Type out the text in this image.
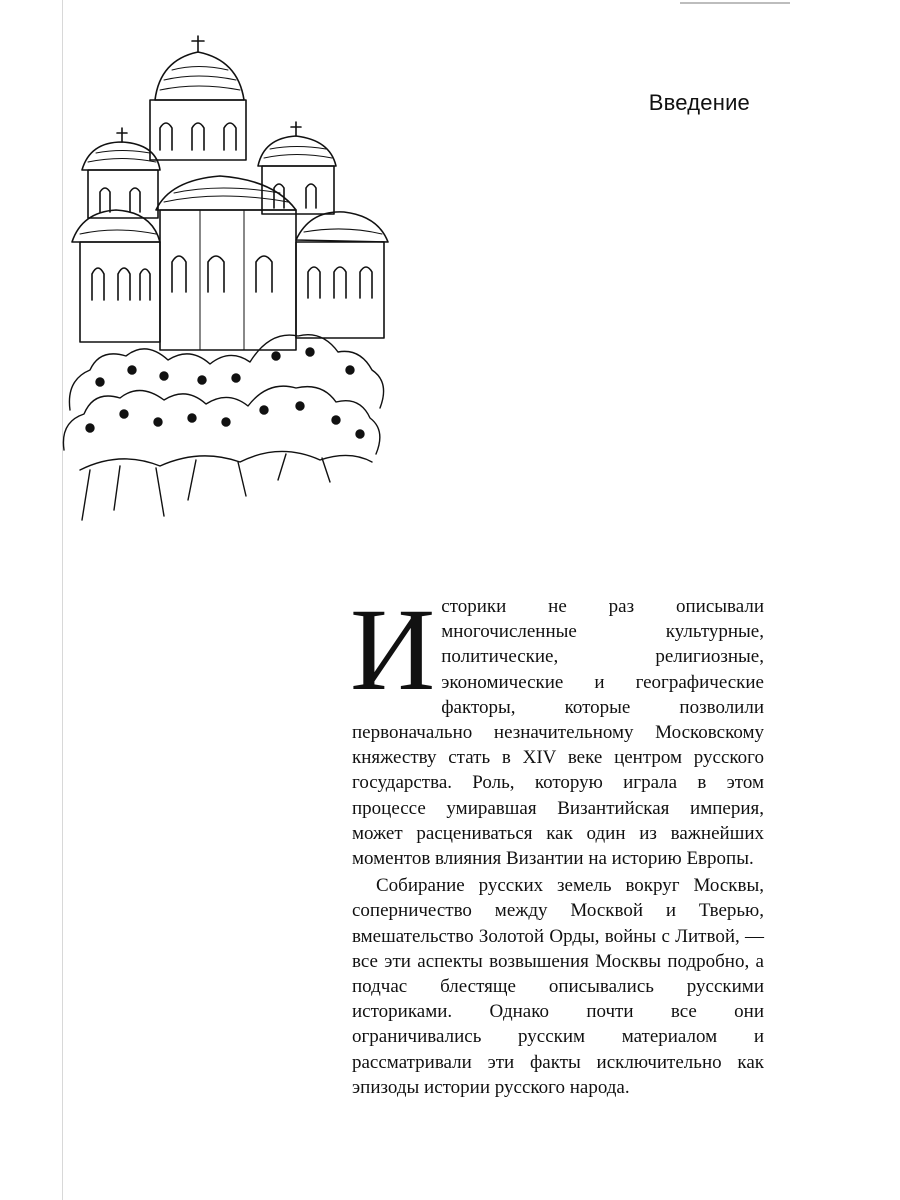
Введение

Историки не раз описывали многочисленные культурные, политические, религиозные, экономические и географические факторы, которые позволили первоначально незначительному Московскому княжеству стать в XIV веке центром русского государства. Роль, которую играла в этом процессе умиравшая Византийская империя, может расцениваться как один из важнейших моментов влияния Византии на историю Европы.

Собирание русских земель вокруг Москвы, соперничество между Москвой и Тверью, вмешательство Золотой Орды, войны с Литвой, — все эти аспекты возвышения Москвы подробно, а подчас блестяще описывались русскими историками. Однако почти все они ограничивались русским материалом и рассматривали эти факты исключительно как эпизоды истории русского народа.
